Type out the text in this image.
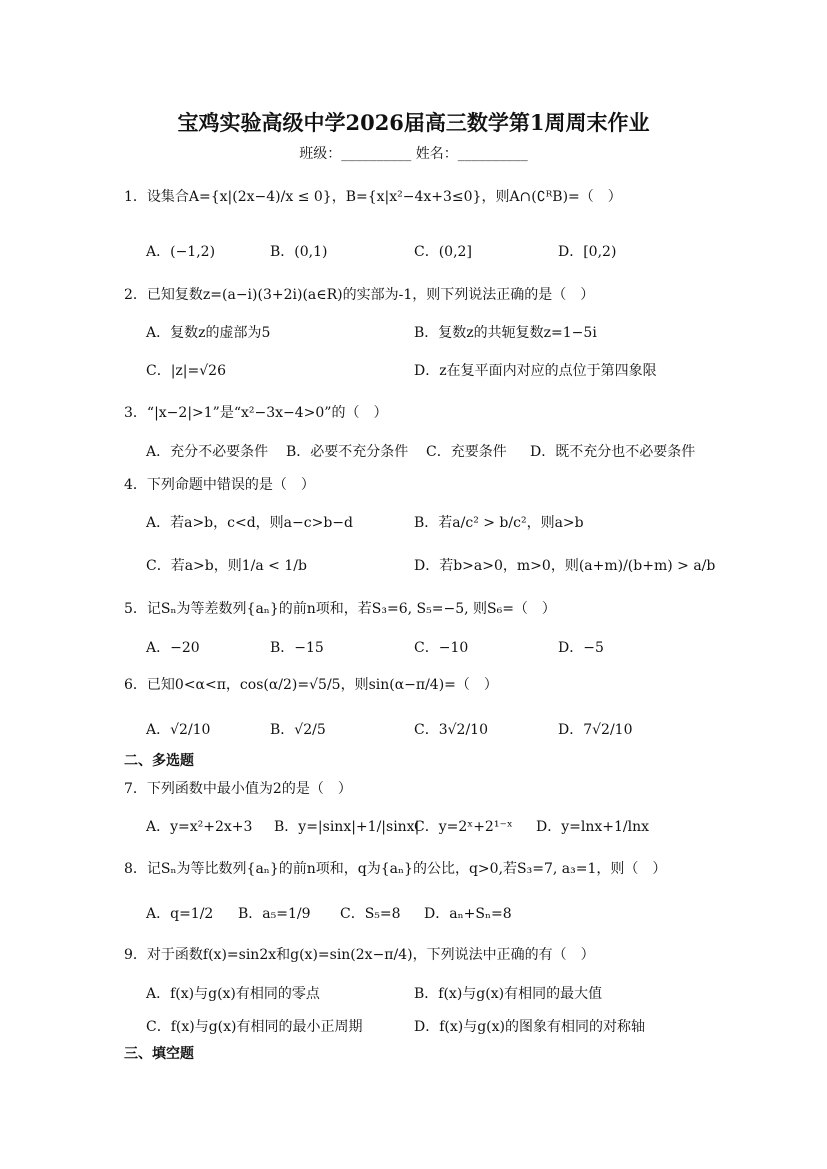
宝鸡实验高级中学2026届高三数学第1周周末作业
班级：__________ 姓名：__________
1．设集合A={x|(2x−4)/x ≤ 0}，B={x|x²−4x+3≤0}，则A∩(∁ᴿB)=（　）
A．(−1,2)	B．(0,1)	C．(0,2]	D．[0,2)
2．已知复数z=(a−i)(3+2i)(a∈R)的实部为-1，则下列说法正确的是（　）
A．复数z的虚部为5	B．复数z的共轭复数z=1−5i
C．|z|=√26	D．z在复平面内对应的点位于第四象限
3．“|x−2|>1”是“x²−3x−4>0”的（　）
A．充分不必要条件 B．必要不充分条件 C．充要条件 D．既不充分也不必要条件
4．下列命题中错误的是（　）
A．若a>b，c<d，则a−c>b−d	B．若a/c² > b/c²，则a>b
C．若a>b，则1/a < 1/b	D．若b>a>0，m>0，则(a+m)/(b+m) > a/b
5．记Sₙ为等差数列{aₙ}的前n项和，若S₃=6, S₅=−5, 则S₆=（　）
A．−20	B．−15	C．−10	D．−5
6．已知0<α<π，cos(α/2)=√5/5，则sin(α−π/4)=（　）
A．√2/10	B．√2/5	C．3√2/10	D．7√2/10
二、多选题
7．下列函数中最小值为2的是（　）
A．y=x²+2x+3 B．y=|sinx|+1/|sinx|
C．y=2ˣ+2¹⁻ˣ D．y=lnx+1/lnx
8．记Sₙ为等比数列{aₙ}的前n项和，q为{aₙ}的公比，q>0,若S₃=7, a₃=1，则（　）
A．q=1/2 B．a₅=1/9 C．S₅=8 D．aₙ+Sₙ=8
9．对于函数f(x)=sin2x和g(x)=sin(2x−π/4)，下列说法中正确的有（　）
A．f(x)与g(x)有相同的零点	B．f(x)与g(x)有相同的最大值
C．f(x)与g(x)有相同的最小正周期	D．f(x)与g(x)的图象有相同的对称轴
三、填空题
